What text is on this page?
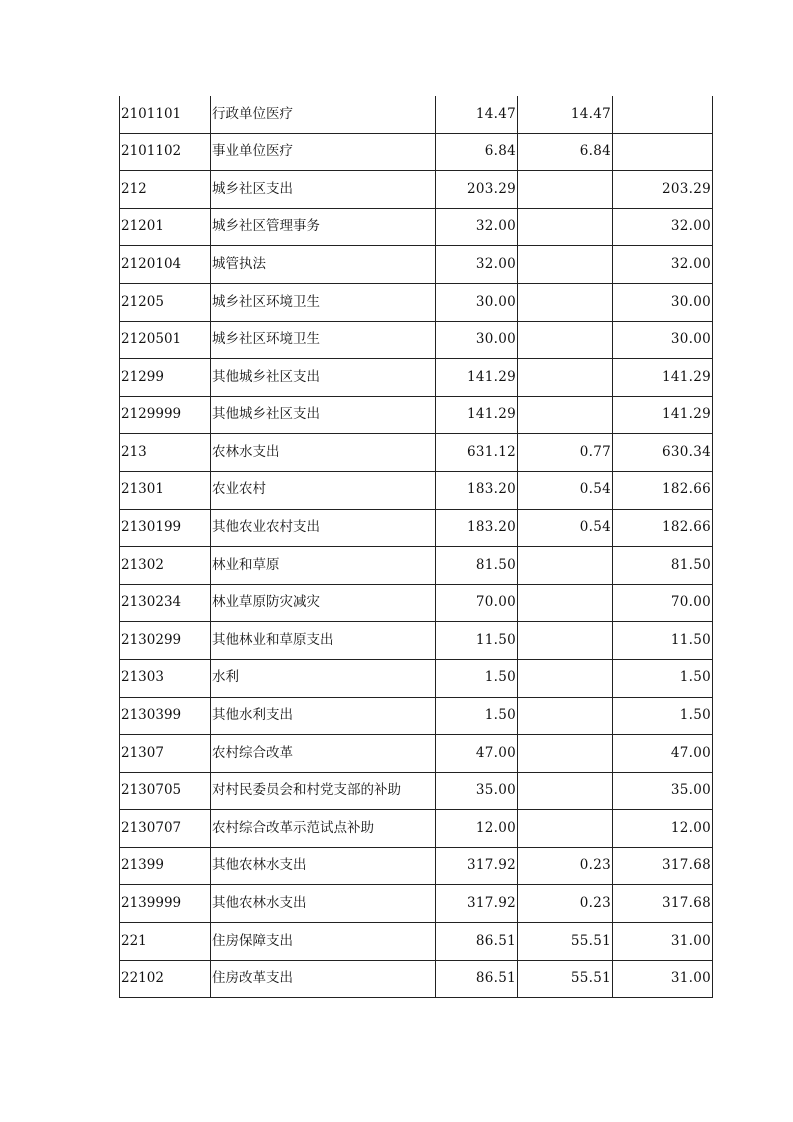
2101101	行政单位医疗	14.47	14.47	
2101102	事业单位医疗	6.84	6.84	
212	城乡社区支出	203.29		203.29
21201	城乡社区管理事务	32.00		32.00
2120104	城管执法	32.00		32.00
21205	城乡社区环境卫生	30.00		30.00
2120501	城乡社区环境卫生	30.00		30.00
21299	其他城乡社区支出	141.29		141.29
2129999	其他城乡社区支出	141.29		141.29
213	农林水支出	631.12	0.77	630.34
21301	农业农村	183.20	0.54	182.66
2130199	其他农业农村支出	183.20	0.54	182.66
21302	林业和草原	81.50		81.50
2130234	林业草原防灾减灾	70.00		70.00
2130299	其他林业和草原支出	11.50		11.50
21303	水利	1.50		1.50
2130399	其他水利支出	1.50		1.50
21307	农村综合改革	47.00		47.00
2130705	对村民委员会和村党支部的补助	35.00		35.00
2130707	农村综合改革示范试点补助	12.00		12.00
21399	其他农林水支出	317.92	0.23	317.68
2139999	其他农林水支出	317.92	0.23	317.68
221	住房保障支出	86.51	55.51	31.00
22102	住房改革支出	86.51	55.51	31.00
